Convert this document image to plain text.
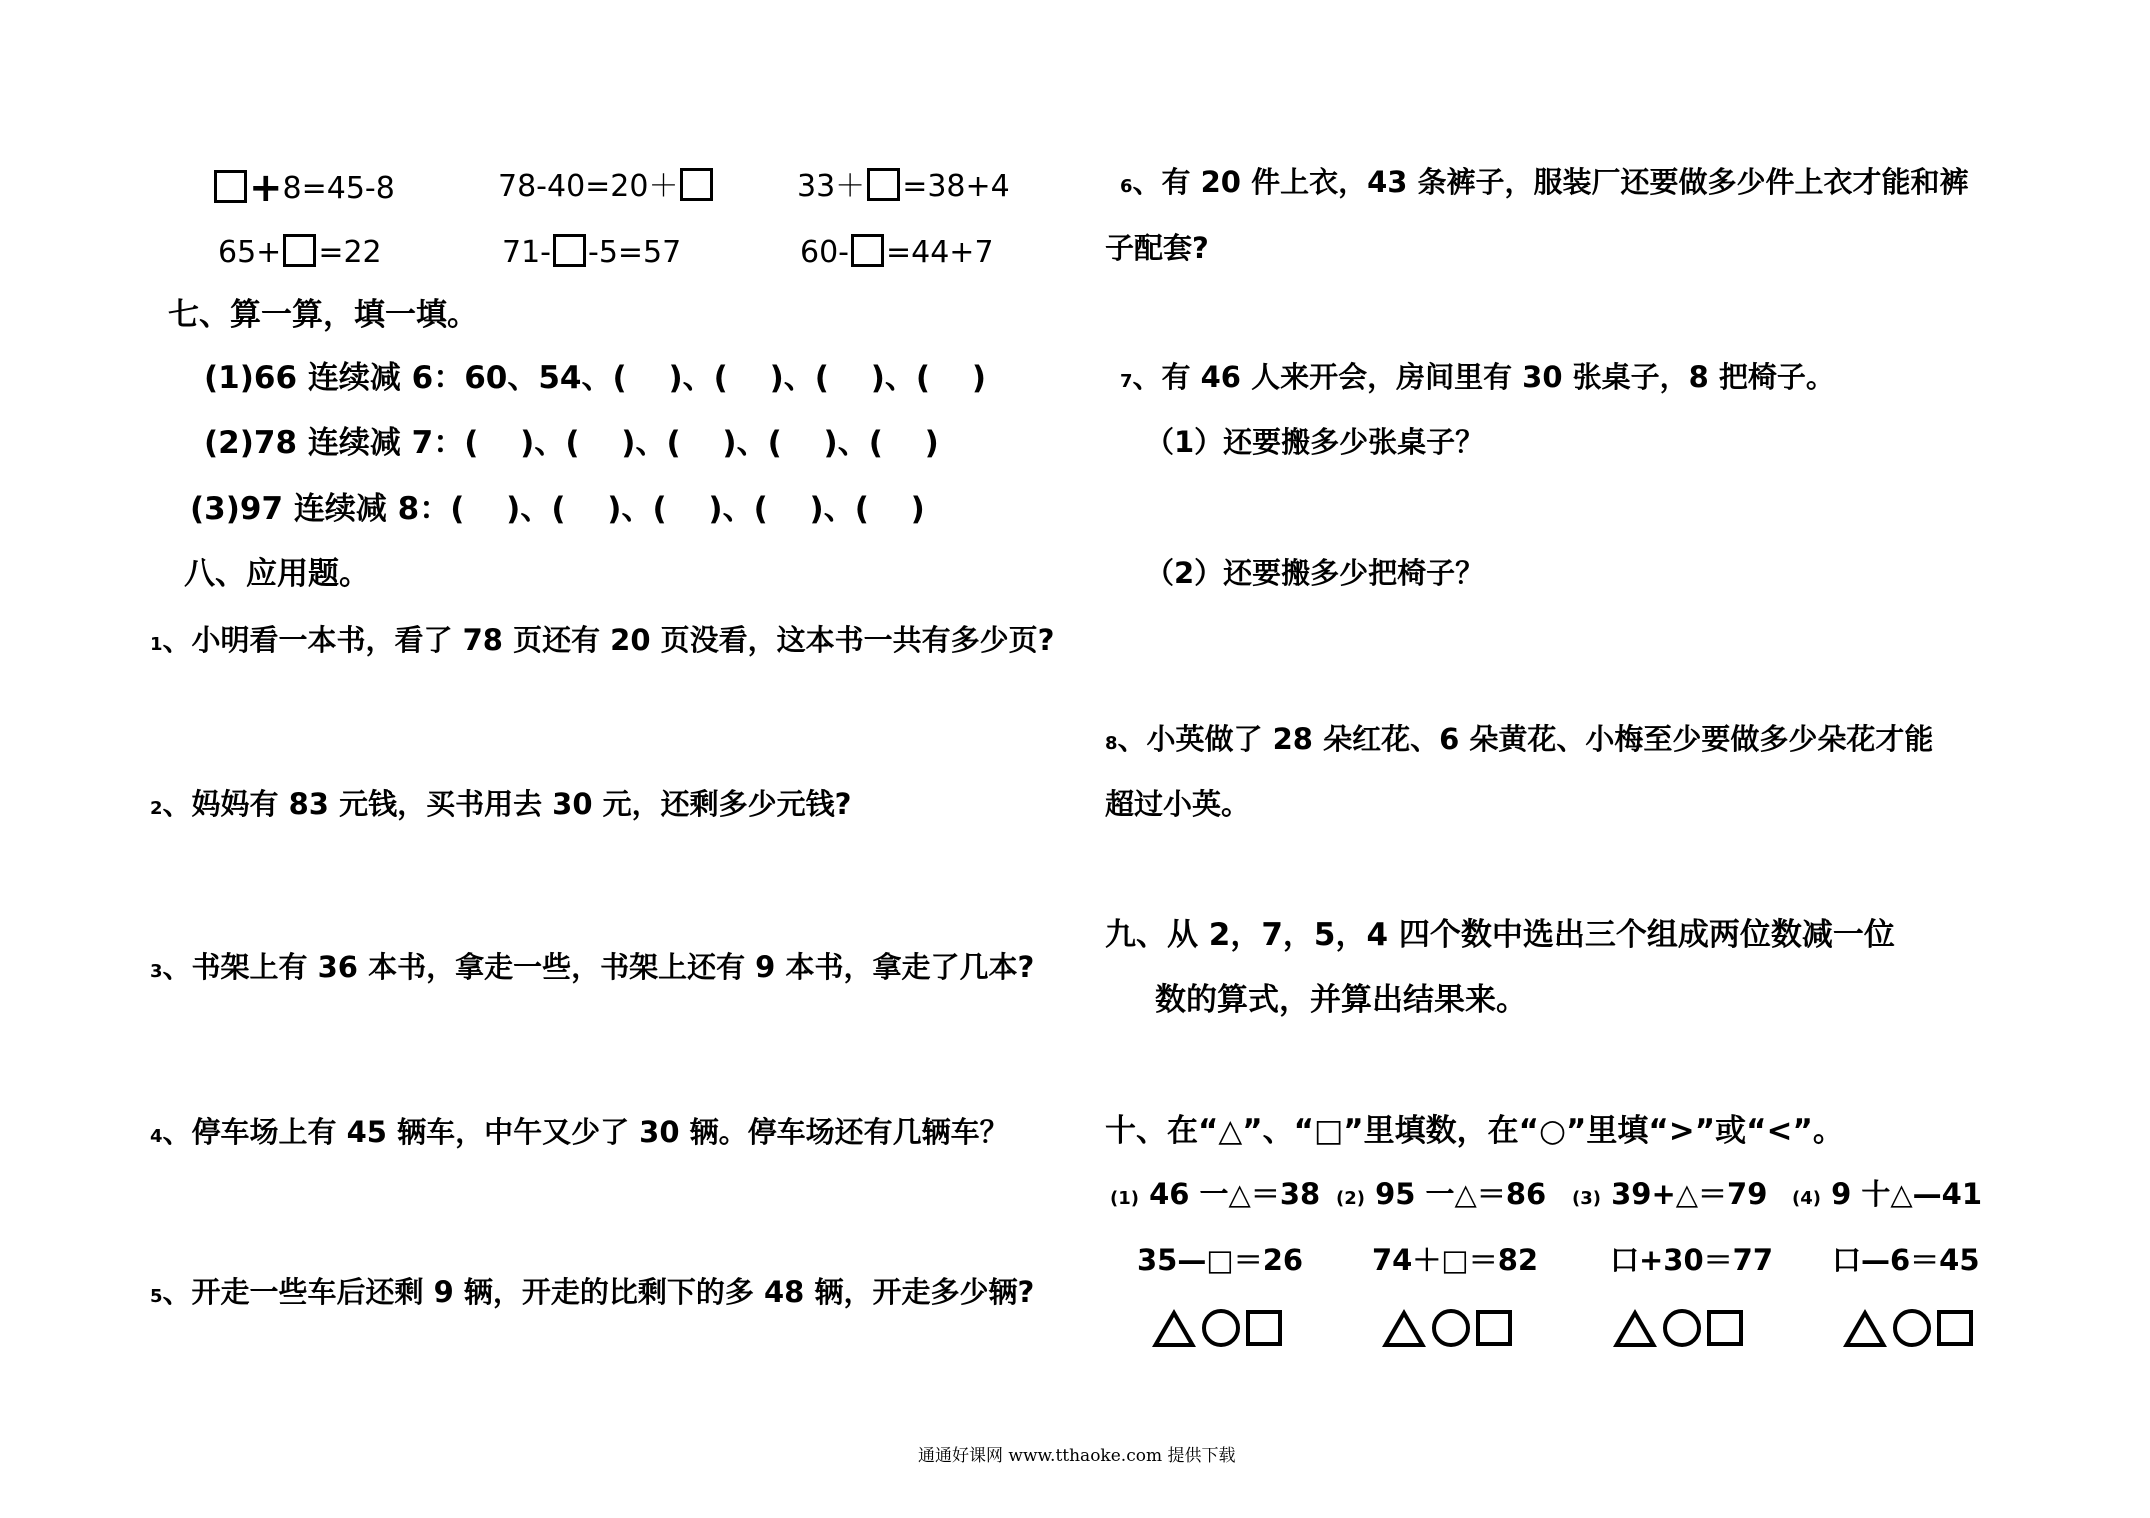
+8=45-8	78-40=20＋	33＋ =38+4
65+ =22	71- -5=57	60- =44+7
七、算一算，填一填。
(1)66 连续减 6：60、54、(　 )、(　 )、(　 )、(　 )
(2)78 连续减 7：(　 )、(　 )、(　 )、(　 )、(　 )
(3)97 连续减 8：(　 )、(　 )、(　 )、(　 )、(　 )
八、应用题。
1、小明看一本书，看了 78 页还有 20 页没看，这本书一共有多少页?
2、妈妈有 83 元钱，买书用去 30 元，还剩多少元钱?
3、书架上有 36 本书，拿走一些，书架上还有 9 本书，拿走了几本?
4、停车场上有 45 辆车，中午又少了 30 辆。停车场还有几辆车？
5、开走一些车后还剩 9 辆，开走的比剩下的多 48 辆，开走多少辆?
6、有 20 件上衣，43 条裤子，服装厂还要做多少件上衣才能和裤
子配套?
7、有 46 人来开会，房间里有 30 张桌子，8 把椅子。
（1）还要搬多少张桌子？
（2）还要搬多少把椅子？
8、小英做了 28 朵红花、6 朵黄花、小梅至少要做多少朵花才能
超过小英。
九、从 2，7，5，4 四个数中选出三个组成两位数减一位
数的算式，并算出结果来。
十、在“△”、“□”里填数，在“○”里填“>”或“<”。
(1) 46 一△＝38 (2) 95 一△＝86 (3) 39+△＝79 (4) 9 十△—41
35—□＝26 74＋□＝82 口+30＝77 口—6＝45
通通好课网 www.tthaoke.com 提供下载
